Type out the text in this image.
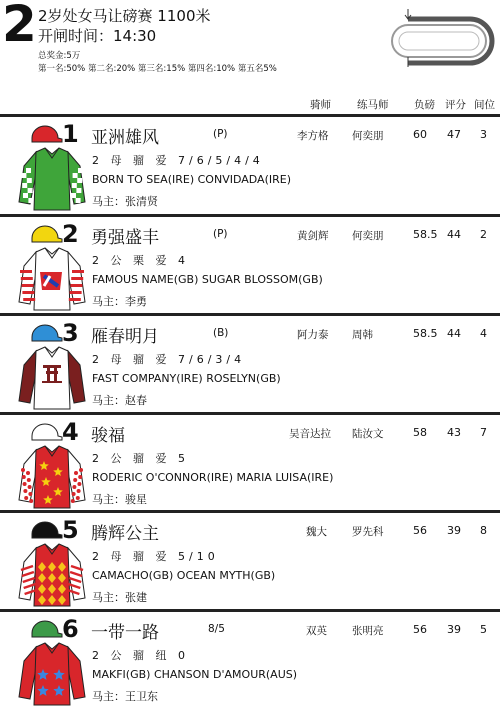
2 2岁处女马让磅赛 1100米
开闸时间：14:30
总奖金:5万
第一名:50% 第二名:20% 第三名:15% 第四名:10% 第五名5%
骑师 练马师 负磅 评分 间位
1 亚洲雄风	(P)	李方格 何奕朋	60 47 3
2 母 骝 爱 7/6/5/4/4
BORN TO SEA(IRE) CONVIDADA(IRE)
马主：张清贤
2 勇强盛丰	(P)	黄剑辉 何奕朋	58.5 44 2
2 公 栗 爱 4
FAMOUS NAME(GB) SUGAR BLOSSOM(GB)
马主：李勇
3 雁春明月	(B)	阿力泰 周韩	58.5 44 4
2 母 骝 爱 7/6/3/4
FAST COMPANY(IRE) ROSELYN(GB)
马主：赵春
4 骏福	吴音达拉 陆汝文	58 43 7
2 公 骝 爱 5
RODERIC O'CONNOR(IRE) MARIA LUISA(IRE)
马主：骏星
5 腾辉公主	魏大 罗先科	56 39 8
2 母 骝 爱 5/10
CAMACHO(GB) OCEAN MYTH(GB)
马主：张建
6 一带一路	8/5	双英 张明亮	56 39 5
2 公 骝 纽 0
MAKFI(GB) CHANSON D'AMOUR(AUS)
马主：王卫东
